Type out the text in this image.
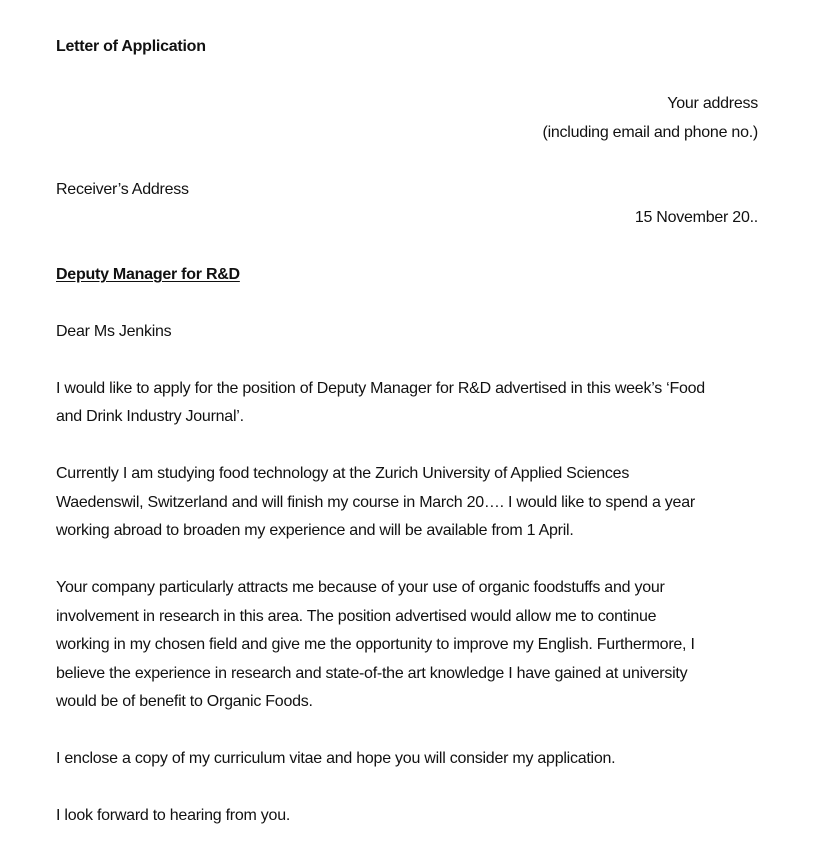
Letter of Application
Your address
(including email and phone no.)
Receiver’s Address
15 November 20..
Deputy Manager for R&D
Dear Ms Jenkins
I would like to apply for the position of Deputy Manager for R&D advertised in this week’s ‘Food
and Drink Industry Journal’.
Currently I am studying food technology at the Zurich University of Applied Sciences
Waedenswil, Switzerland and will finish my course in March 20…. I would like to spend a year
working abroad to broaden my experience and will be available from 1 April.
Your company particularly attracts me because of your use of organic foodstuffs and your
involvement in research in this area. The position advertised would allow me to continue
working in my chosen field and give me the opportunity to improve my English. Furthermore, I
believe the experience in research and state-of-the art knowledge I have gained at university
would be of benefit to Organic Foods.
I enclose a copy of my curriculum vitae and hope you will consider my application.
I look forward to hearing from you.
